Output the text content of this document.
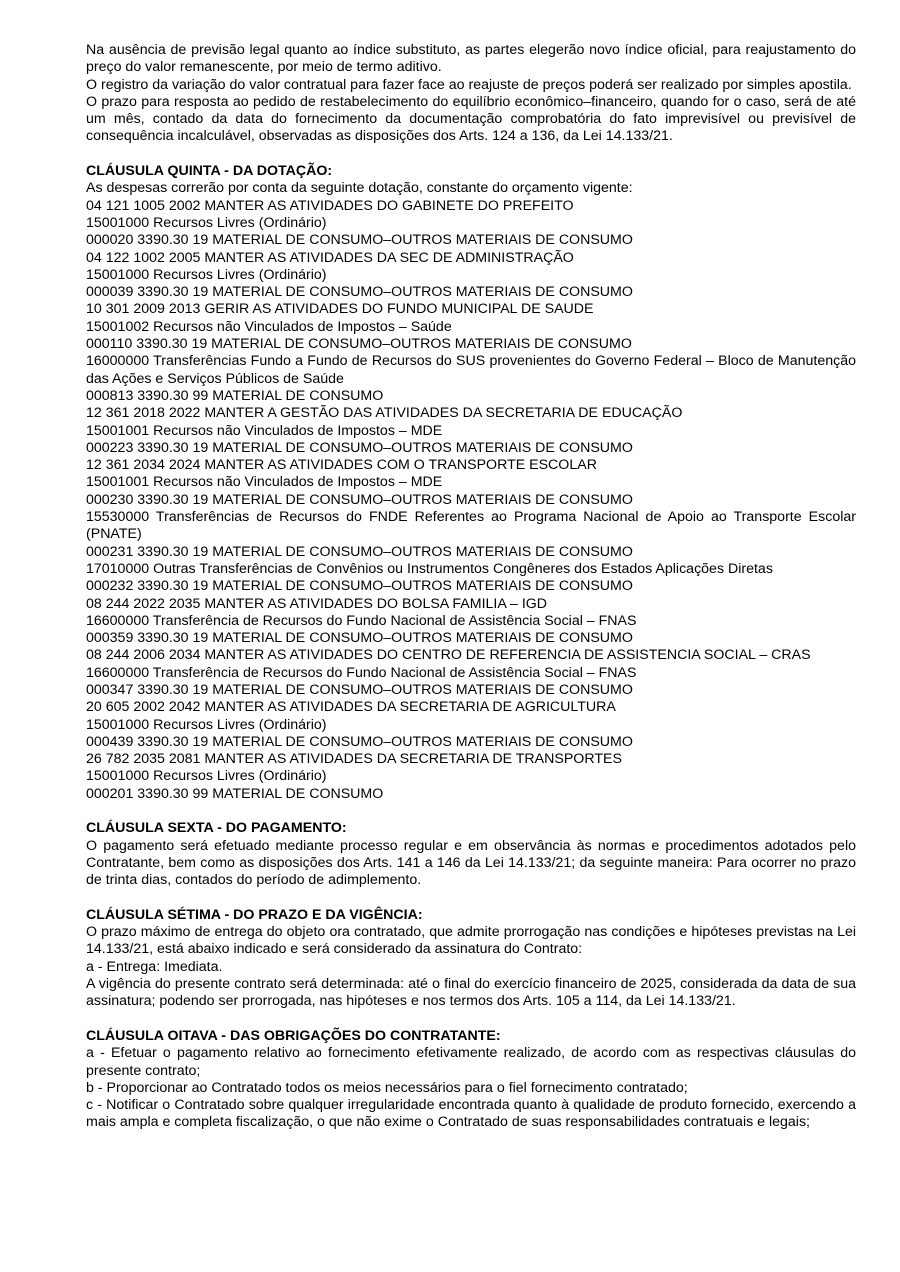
Na ausência de previsão legal quanto ao índice substituto, as partes elegerão novo índice oficial, para reajustamento do preço do valor remanescente, por meio de termo aditivo.

O registro da variação do valor contratual para fazer face ao reajuste de preços poderá ser realizado por simples apostila.

O prazo para resposta ao pedido de restabelecimento do equilíbrio econômico–financeiro, quando for o caso, será de até um mês, contado da data do fornecimento da documentação comprobatória do fato imprevisível ou previsível de consequência incalculável, observadas as disposições dos Arts. 124 a 136, da Lei 14.133/21.

CLÁUSULA QUINTA - DA DOTAÇÃO:

As despesas correrão por conta da seguinte dotação, constante do orçamento vigente:

04 121 1005 2002 MANTER AS ATIVIDADES DO GABINETE DO PREFEITO

15001000 Recursos Livres (Ordinário)

000020 3390.30 19 MATERIAL DE CONSUMO–OUTROS MATERIAIS DE CONSUMO

04 122 1002 2005 MANTER AS ATIVIDADES DA SEC DE ADMINISTRAÇÃO

15001000 Recursos Livres (Ordinário)

000039 3390.30 19 MATERIAL DE CONSUMO–OUTROS MATERIAIS DE CONSUMO

10 301 2009 2013 GERIR AS ATIVIDADES DO FUNDO MUNICIPAL DE SAUDE

15001002 Recursos não Vinculados de Impostos – Saúde

000110 3390.30 19 MATERIAL DE CONSUMO–OUTROS MATERIAIS DE CONSUMO

16000000 Transferências Fundo a Fundo de Recursos do SUS provenientes do Governo Federal – Bloco de Manutenção das Ações e Serviços Públicos de Saúde

000813 3390.30 99 MATERIAL DE CONSUMO

12 361 2018 2022 MANTER A GESTÃO DAS ATIVIDADES DA SECRETARIA DE EDUCAÇÃO

15001001 Recursos não Vinculados de Impostos – MDE

000223 3390.30 19 MATERIAL DE CONSUMO–OUTROS MATERIAIS DE CONSUMO

12 361 2034 2024 MANTER AS ATIVIDADES COM O TRANSPORTE ESCOLAR

15001001 Recursos não Vinculados de Impostos – MDE

000230 3390.30 19 MATERIAL DE CONSUMO–OUTROS MATERIAIS DE CONSUMO

15530000 Transferências de Recursos do FNDE Referentes ao Programa Nacional de Apoio ao Transporte Escolar (PNATE)

000231 3390.30 19 MATERIAL DE CONSUMO–OUTROS MATERIAIS DE CONSUMO

17010000 Outras Transferências de Convênios ou Instrumentos Congêneres dos Estados Aplicações Diretas

000232 3390.30 19 MATERIAL DE CONSUMO–OUTROS MATERIAIS DE CONSUMO

08 244 2022 2035 MANTER AS ATIVIDADES DO BOLSA FAMILIA – IGD

16600000 Transferência de Recursos do Fundo Nacional de Assistência Social – FNAS

000359 3390.30 19 MATERIAL DE CONSUMO–OUTROS MATERIAIS DE CONSUMO

08 244 2006 2034 MANTER AS ATIVIDADES DO CENTRO DE REFERENCIA DE ASSISTENCIA SOCIAL – CRAS

16600000 Transferência de Recursos do Fundo Nacional de Assistência Social – FNAS

000347 3390.30 19 MATERIAL DE CONSUMO–OUTROS MATERIAIS DE CONSUMO

20 605 2002 2042 MANTER AS ATIVIDADES DA SECRETARIA DE AGRICULTURA

15001000 Recursos Livres (Ordinário)

000439 3390.30 19 MATERIAL DE CONSUMO–OUTROS MATERIAIS DE CONSUMO

26 782 2035 2081 MANTER AS ATIVIDADES DA SECRETARIA DE TRANSPORTES

15001000 Recursos Livres (Ordinário)

000201 3390.30 99 MATERIAL DE CONSUMO

CLÁUSULA SEXTA - DO PAGAMENTO:

O pagamento será efetuado mediante processo regular e em observância às normas e procedimentos adotados pelo Contratante, bem como as disposições dos Arts. 141 a 146 da Lei 14.133/21; da seguinte maneira: Para ocorrer no prazo de trinta dias, contados do período de adimplemento.

CLÁUSULA SÉTIMA - DO PRAZO E DA VIGÊNCIA:

O prazo máximo de entrega do objeto ora contratado, que admite prorrogação nas condições e hipóteses previstas na Lei 14.133/21, está abaixo indicado e será considerado da assinatura do Contrato:

a - Entrega: Imediata.

A vigência do presente contrato será determinada: até o final do exercício financeiro de 2025, considerada da data de sua assinatura; podendo ser prorrogada, nas hipóteses e nos termos dos Arts. 105 a 114, da Lei 14.133/21.

CLÁUSULA OITAVA - DAS OBRIGAÇÕES DO CONTRATANTE:

a - Efetuar o pagamento relativo ao fornecimento efetivamente realizado, de acordo com as respectivas cláusulas do presente contrato;

b - Proporcionar ao Contratado todos os meios necessários para o fiel fornecimento contratado;

c - Notificar o Contratado sobre qualquer irregularidade encontrada quanto à qualidade de produto fornecido, exercendo a mais ampla e completa fiscalização, o que não exime o Contratado de suas responsabilidades contratuais e legais;
